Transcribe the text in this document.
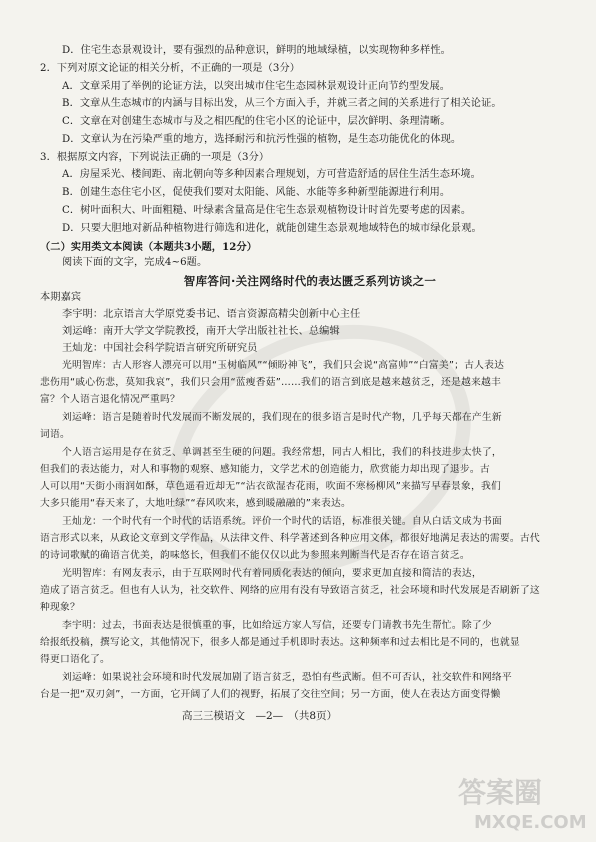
D．住宅生态景观设计，要有强烈的品种意识，鲜明的地域绿植，以实现物种多样性。
2．下列对原文论证的相关分析，不正确的一项是（3分）
A．文章采用了举例的论证方法，以突出城市住宅生态园林景观设计正向节约型发展。
B．文章从生态城市的内涵与目标出发，从三个方面入手，并就三者之间的关系进行了相关论证。
C．文章在对创建生态城市与及之相匹配的住宅小区的论证中，层次鲜明、条理清晰。
D．文章认为在污染严重的地方，选择耐污和抗污性强的植物，是生态功能优化的体现。
3．根据原文内容，下列说法正确的一项是（3分）
A．房屋采光、楼间距、南北朝向等多种因素合理规划，方可营造舒适的居住生活生态环境。
B．创建生态住宅小区，促使我们要对太阳能、风能、水能等多种新型能源进行利用。
C．树叶面积大、叶面粗糙、叶绿素含量高是住宅生态景观植物设计时首先要考虑的因素。
D．只要大胆地对新品种植物进行筛选和进化，就能创建生态景观地域特色的城市绿化景观。
（二）实用类文本阅读（本题共3小题，12分）
阅读下面的文字，完成4~6题。
智库答问·关注网络时代的表达匮乏系列访谈之一
本期嘉宾
李宇明：北京语言大学原党委书记、语言资源高精尖创新中心主任
刘运峰：南开大学文学院教授，南开大学出版社社长、总编辑
王灿龙：中国社会科学院语言研究所研究员
光明智库：古人形容人漂亮可以用“玉树临风”“倾盼神飞”，我们只会说“高富帅”“白富美”；古人表达
悲伤用“戚心伤悲，莫知我哀”，我们只会用“蓝瘦香菇”……我们的语言到底是越来越贫乏，还是越来越丰
富？个人语言退化情况严重吗？
刘运峰：语言是随着时代发展而不断发展的，我们现在的很多语言是时代产物，几乎每天都在产生新
词语。
个人语言运用是存在贫乏、单调甚至生硬的问题。我经常想，同古人相比，我们的科技进步太快了，
但我们的表达能力，对人和事物的观察、感知能力，文学艺术的创造能力，欣赏能力却出现了退步。古
人可以用“天街小雨润如酥，草色遥看近却无”“沾衣欲湿杏花雨，吹面不寒杨柳风”来描写早春景象，我们
大多只能用“春天来了，大地吐绿”“春风吹来，感到暖融融的”来表达。
王灿龙：一个时代有一个时代的话语系统。评价一个时代的话语，标准很关键。自从白话文成为书面
语言形式以来，从政论文章到文学作品，从法律文件、科学著述到各种应用文体，都很好地满足表达的需要。古代
的诗词歌赋的确语言优美，韵味悠长，但我们不能仅仅以此为参照来判断当代是否存在语言贫乏。
光明智库：有网友表示，由于互联网时代有着同质化表达的倾向，要求更加直接和简洁的表达，
造成了语言贫乏。但也有人认为，社交软件、网络的应用有没有导致语言贫乏，社会环境和时代发展是否刷新了这
种现象？
李宇明：过去，书面表达是很慎重的事，比如给远方家人写信，还要专门请教书先生帮忙。除了少
给报纸投稿，撰写论文，其他情况下，很多人都是通过手机即时表达。这种频率和过去相比是不同的，也就显
得更口语化了。
刘运峰：如果说社会环境和时代发展加剧了语言贫乏，恐怕有些武断。但不可否认，社交软件和网络平
台是一把“双刃剑”，一方面，它开阔了人们的视野，拓展了交往空间；另一方面，使人在表达方面变得懒
高三三模语文　—2—　（共8页）
答案圈
MXQE.COM
